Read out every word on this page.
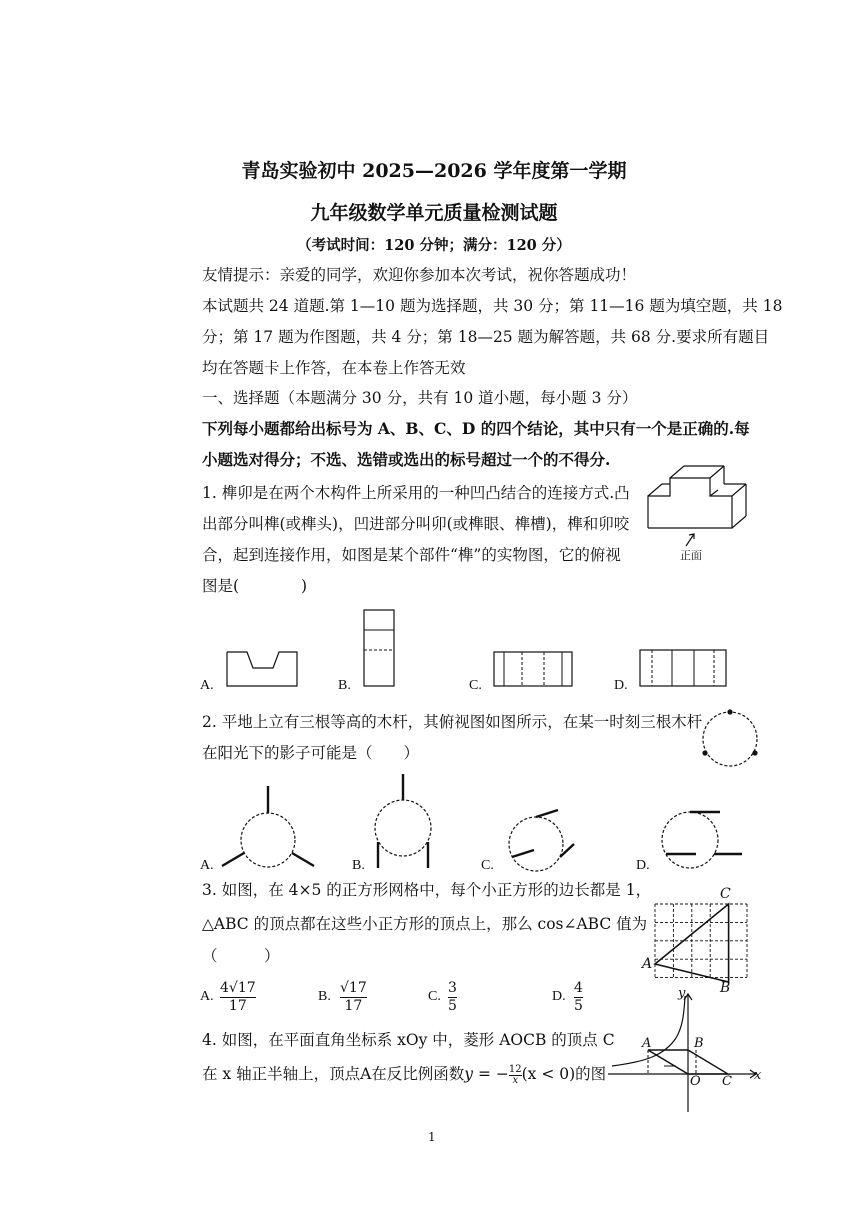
青岛实验初中 2025—2026 学年度第一学期
九年级数学单元质量检测试题
（考试时间：120 分钟；满分：120 分）
友情提示：亲爱的同学，欢迎你参加本次考试，祝你答题成功！
本试题共 24 道题.第 1—10 题为选择题，共 30 分；第 11—16 题为填空题，共 18
分；第 17 题为作图题，共 4 分；第 18—25 题为解答题，共 68 分.要求所有题目
均在答题卡上作答，在本卷上作答无效
一、选择题（本题满分 30 分，共有 10 道小题，每小题 3 分）
下列每小题都给出标号为 A、B、C、D 的四个结论，其中只有一个是正确的.每
小题选对得分；不选、选错或选出的标号超过一个的不得分.
1. 榫卯是在两个木构件上所采用的一种凹凸结合的连接方式.凸
出部分叫榫(或榫头)，凹进部分叫卯(或榫眼、榫槽)，榫和卯咬
合，起到连接作用，如图是某个部件“榫”的实物图，它的俯视
图是(　　　　)
正面
A.	B.	C.	D.
2. 平地上立有三根等高的木杆，其俯视图如图所示，在某一时刻三根木杆
在阳光下的影子可能是（　　）
A.	B.	C.	D.
3. 如图，在 4×5 的正方形网格中，每个小正方形的边长都是 1，
△ABC 的顶点都在这些小正方形的顶点上，那么 cos∠ABC 值为
（　　　）	A
B
C
A.
4√17
17
B.
√17
17
C.
3
5
D.
4
5
4. 如图，在平面直角坐标系 xOy 中，菱形 AOCB 的顶点 C
在 x 轴正半轴上，顶点A在反比例函数y = − $\frac{12}{x} (x < 0)$的图
y
A	B
O C x
1
